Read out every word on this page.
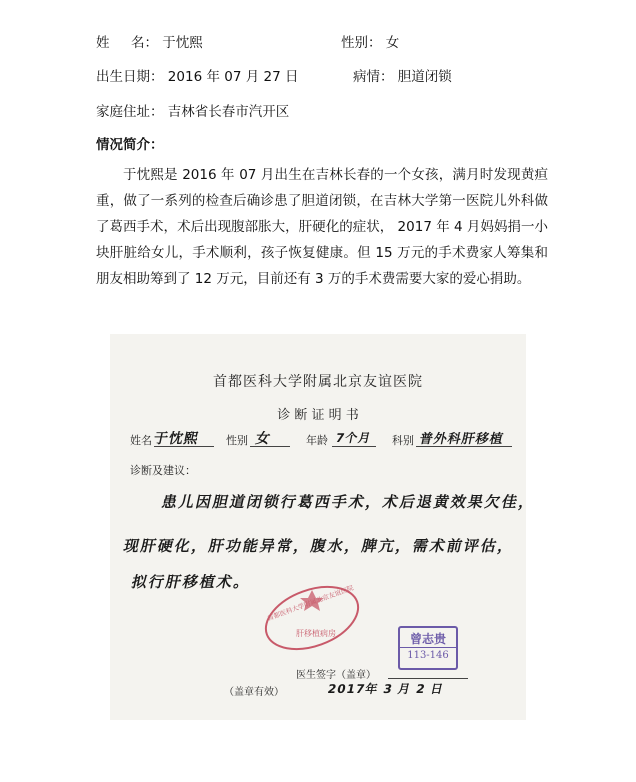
姓     名： 于忱熙	性别： 女
出生日期： 2016 年 07 月 27 日	病情： 胆道闭锁
家庭住址： 吉林省长春市汽开区
情况简介：

于忱熙是 2016 年 07 月出生在吉林长春的一个女孩，满月时发现黄疸重，做了一系列的检查后确诊患了胆道闭锁，在吉林大学第一医院儿外科做了葛西手术，术后出现腹部胀大，肝硬化的症状， 2017 年 4 月妈妈捐一小块肝脏给女儿，手术顺利，孩子恢复健康。但 15 万元的手术费家人筹集和朋友相助筹到了 12 万元，目前还有 3 万的手术费需要大家的爱心捐助。

首都医科大学附属北京友谊医院
诊 断 证 明 书
姓名 于忱熙 性别 女	年龄 7个月 科别 普外科肝移植
诊断及建议：
患儿因胆道闭锁行葛西手术，术后退黄效果欠佳，
现肝硬化，肝功能异常，腹水，脾亢，需术前评估，
拟行肝移植术。
首都医科大学附属北京友谊医院
肝移植病房	曾志贵
113-146
医生签字（盖章）
2017年 3 月 2 日
（盖章有效）
